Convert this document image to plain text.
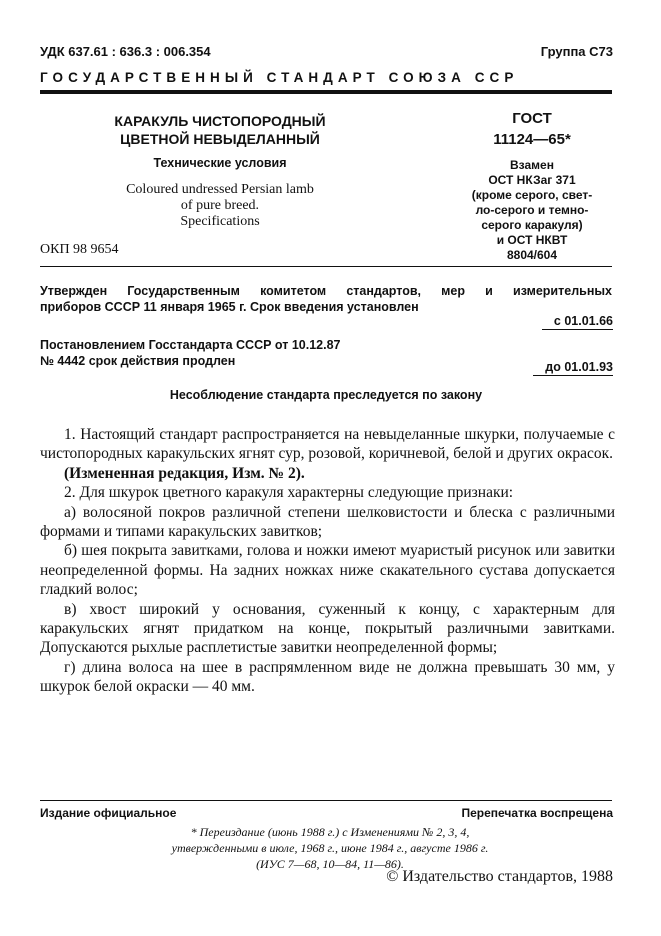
УДК 637.61 : 636.3 : 006.354	Группа С73
ГОСУДАРСТВЕННЫЙ СТАНДАРТ СОЮЗА ССР
КАРАКУЛЬ ЧИСТОПОРОДНЫЙ
ЦВЕТНОЙ НЕВЫДЕЛАННЫЙ
Технические условия
Coloured undressed Persian lamb
of pure breed.
Specifications
ОКП 98 9654
ГОСТ
11124—65*
Взамен
ОСТ НКЗаг 371
(кроме серого, свет-
ло-серого и темно-
серого каракуля)
и ОСТ НКВТ
8804/604
Утвержден Государственным комитетом стандартов, мер и измерительных
приборов СССР 11 января 1965 г. Срок введения установлен
с 01.01.66
Постановлением Госстандарта СССР от 10.12.87
№ 4442 срок действия продлен	до 01.01.93
Несоблюдение стандарта преследуется по закону

1. Настоящий стандарт распространяется на невыделанные шкурки, получаемые с чистопородных каракульских ягнят сур, розовой, коричневой, белой и других окрасок.

(Измененная редакция, Изм. № 2).

2. Для шкурок цветного каракуля характерны следующие признаки:

а) волосяной покров различной степени шелковистости и блеска с различными формами и типами каракульских завитков;

б) шея покрыта завитками, голова и ножки имеют муаристый рисунок или завитки неопределенной формы. На задних ножках ниже скакательного сустава допускается гладкий волос;

в) хвост широкий у основания, суженный к концу, с характерным для каракульских ягнят придатком на конце, покрытый различными завитками. Допускаются рыхлые расплетистые завитки неопределенной формы;

г) длина волоса на шее в распрямленном виде не должна превышать 30 мм, у шкурок белой окраски — 40 мм.

Издание официальное	Перепечатка воспрещена
* Переиздание (июнь 1988 г.) с Изменениями № 2, 3, 4,
утвержденными в июле, 1968 г., июне 1984 г., августе 1986 г.
(ИУС 7—68, 10—84, 11—86).
© Издательство стандартов, 1988
